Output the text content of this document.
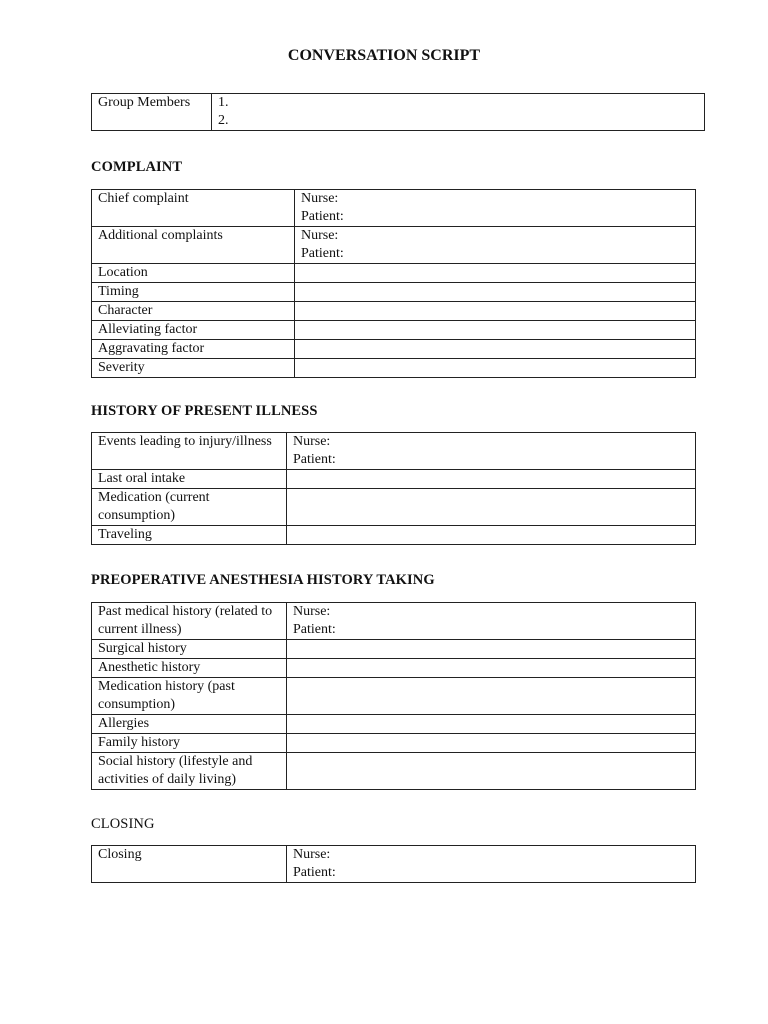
CONVERSATION SCRIPT
Group Members	1.
2.
COMPLAINT
Chief complaint	Nurse:
Patient:

Additional complaints	Nurse:
Patient:

Location	
Timing	
Character	
Alleviating factor	
Aggravating factor	
Severity	
HISTORY OF PRESENT ILLNESS
Events leading to injury/illness	Nurse:
Patient:

Last oral intake	
Medication (current consumption)	
Traveling	
PREOPERATIVE ANESTHESIA HISTORY TAKING
Past medical history (related to current illness)	Nurse:
Patient:

Surgical history	
Anesthetic history	
Medication history (past consumption)	
Allergies	
Family history	
Social history (lifestyle and activities of daily living)	
CLOSING
Closing	Nurse:
Patient:
